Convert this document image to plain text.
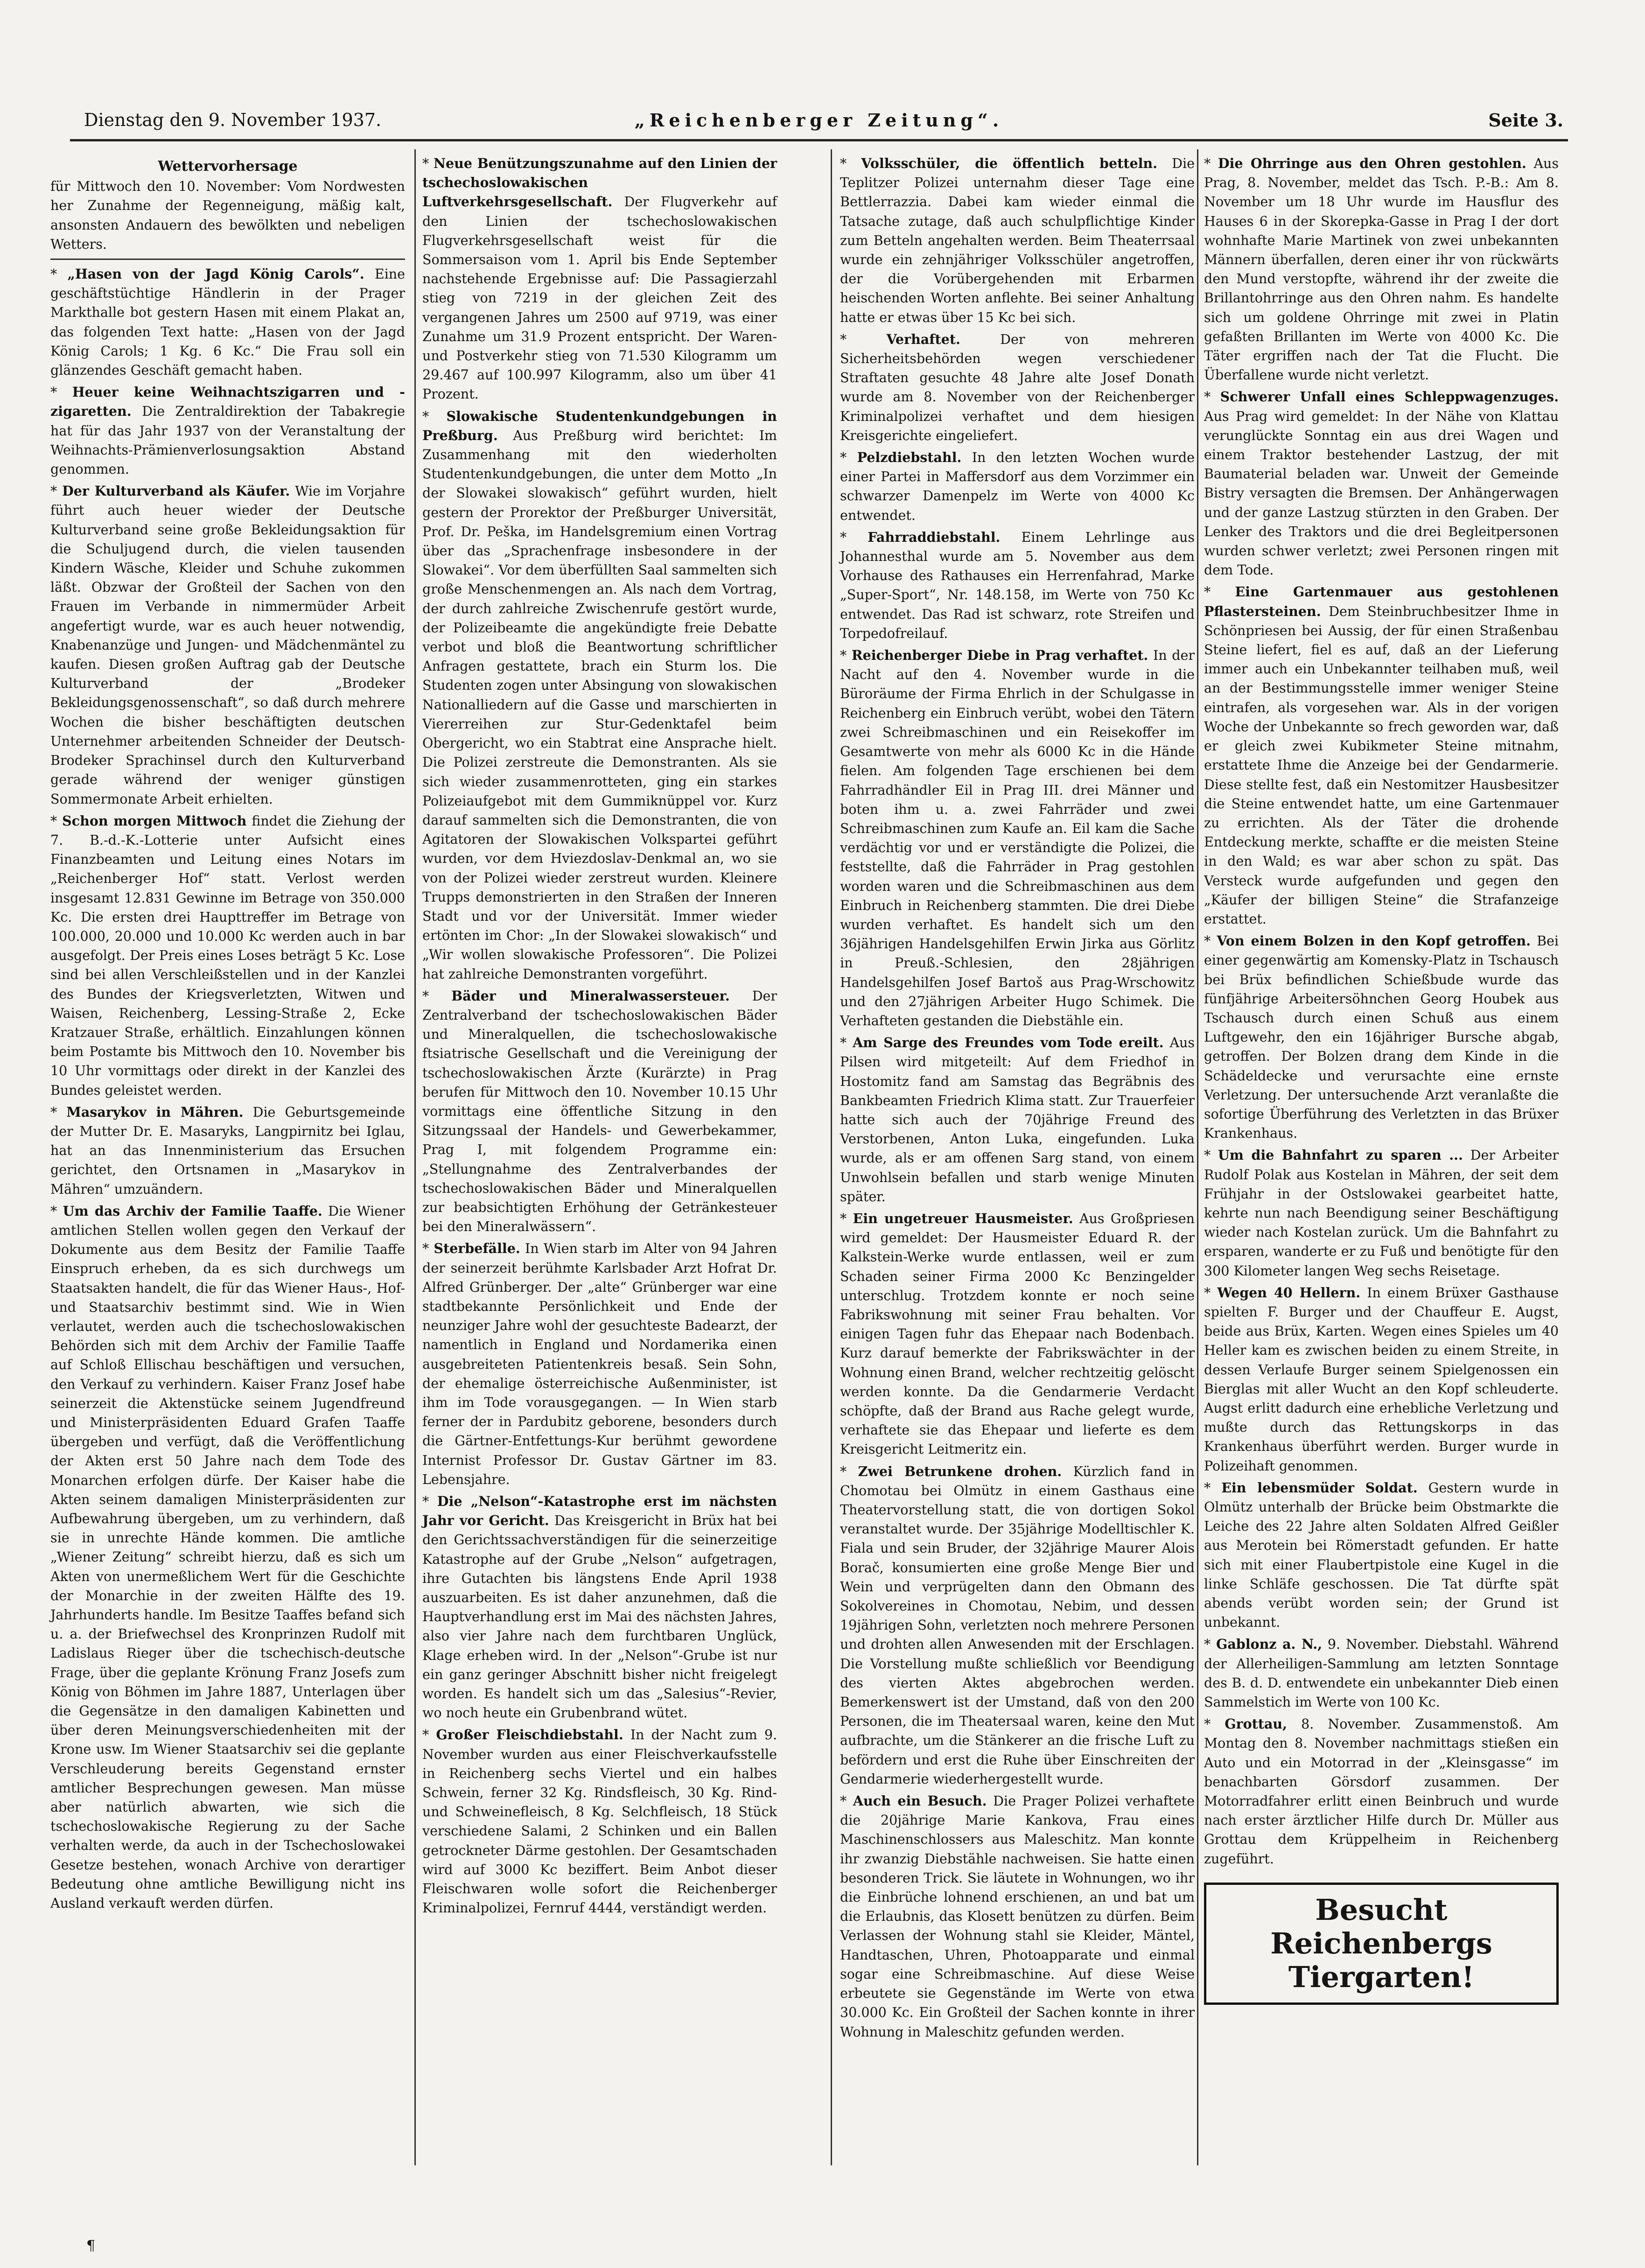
Dienstag den 9. November 1937.	„Reichenberger Zeitung“.	Seite 3.
Wettervorhersage

für Mittwoch den 10. November: Vom Nordwesten her Zunahme der Regenneigung, mäßig kalt, ansonsten Andauern des bewölkten und nebeligen Wetters.

* „Hasen von der Jagd König Carols“. Eine geschäftstüchtige Händlerin in der Prager Markthalle bot gestern Hasen mit einem Plakat an, das folgenden Text hatte: „Hasen von der Jagd König Carols; 1 Kg. 6 Kc.“ Die Frau soll ein glänzendes Geschäft gemacht haben.

* Heuer keine Weihnachtszigarren und -zigaretten. Die Zentraldirektion der Tabakregie hat für das Jahr 1937 von der Veranstaltung der Weihnachts-Prämienverlosungsaktion Abstand genommen.

* Der Kulturverband als Käufer. Wie im Vorjahre führt auch heuer wieder der Deutsche Kulturverband seine große Bekleidungsaktion für die Schuljugend durch, die vielen tausenden Kindern Wäsche, Kleider und Schuhe zukommen läßt. Obzwar der Großteil der Sachen von den Frauen im Verbande in nimmermüder Arbeit angefertigt wurde, war es auch heuer notwendig, Knabenanzüge und Jungen- und Mädchenmäntel zu kaufen. Diesen großen Auftrag gab der Deutsche Kulturverband der „Brodeker Bekleidungsgenossenschaft“, so daß durch mehrere Wochen die bisher beschäftigten deutschen Unternehmer arbeitenden Schneider der Deutsch-Brodeker Sprachinsel durch den Kulturverband gerade während der weniger günstigen Sommermonate Arbeit erhielten.

* Schon morgen Mittwoch findet die Ziehung der 7. B.-d.-K.-Lotterie unter Aufsicht eines Finanzbeamten und Leitung eines Notars im „Reichenberger Hof“ statt. Verlost werden insgesamt 12.831 Gewinne im Betrage von 350.000 Kc. Die ersten drei Haupttreffer im Betrage von 100.000, 20.000 und 10.000 Kc werden auch in bar ausgefolgt. Der Preis eines Loses beträgt 5 Kc. Lose sind bei allen Verschleißstellen und in der Kanzlei des Bundes der Kriegsverletzten, Witwen und Waisen, Reichenberg, Lessing-Straße 2, Ecke Kratzauer Straße, erhältlich. Einzahlungen können beim Postamte bis Mittwoch den 10. November bis 10 Uhr vormittags oder direkt in der Kanzlei des Bundes geleistet werden.

* Masarykov in Mähren. Die Geburtsgemeinde der Mutter Dr. E. Masaryks, Langpirnitz bei Iglau, hat an das Innenministerium das Ersuchen gerichtet, den Ortsnamen in „Masarykov in Mähren“ umzuändern.

* Um das Archiv der Familie Taaffe. Die Wiener amtlichen Stellen wollen gegen den Verkauf der Dokumente aus dem Besitz der Familie Taaffe Einspruch erheben, da es sich durchwegs um Staatsakten handelt, die für das Wiener Haus-, Hof- und Staatsarchiv bestimmt sind. Wie in Wien verlautet, werden auch die tschechoslowakischen Behörden sich mit dem Archiv der Familie Taaffe auf Schloß Ellischau beschäftigen und versuchen, den Verkauf zu verhindern. Kaiser Franz Josef habe seinerzeit die Aktenstücke seinem Jugendfreund und Ministerpräsidenten Eduard Grafen Taaffe übergeben und verfügt, daß die Veröffentlichung der Akten erst 50 Jahre nach dem Tode des Monarchen erfolgen dürfe. Der Kaiser habe die Akten seinem damaligen Ministerpräsidenten zur Aufbewahrung übergeben, um zu verhindern, daß sie in unrechte Hände kommen. Die amtliche „Wiener Zeitung“ schreibt hierzu, daß es sich um Akten von unermeßlichem Wert für die Geschichte der Monarchie in der zweiten Hälfte des 19. Jahrhunderts handle. Im Besitze Taaffes befand sich u. a. der Briefwechsel des Kronprinzen Rudolf mit Ladislaus Rieger über die tschechisch-deutsche Frage, über die geplante Krönung Franz Josefs zum König von Böhmen im Jahre 1887, Unterlagen über die Gegensätze in den damaligen Kabinetten und über deren Meinungsverschiedenheiten mit der Krone usw. Im Wiener Staatsarchiv sei die geplante Verschleuderung bereits Gegenstand ernster amtlicher Besprechungen gewesen. Man müsse aber natürlich abwarten, wie sich die tschechoslowakische Regierung zu der Sache verhalten werde, da auch in der Tschechoslowakei Gesetze bestehen, wonach Archive von derartiger Bedeutung ohne amtliche Bewilligung nicht ins Ausland verkauft werden dürfen.

* Neue Benützungszunahme auf den Linien der tschechoslowakischen Luftverkehrsgesellschaft. Der Flugverkehr auf den Linien der tschechoslowakischen Flugverkehrsgesellschaft weist für die Sommersaison vom 1. April bis Ende September nachstehende Ergebnisse auf: Die Passagierzahl stieg von 7219 in der gleichen Zeit des vergangenen Jahres um 2500 auf 9719, was einer Zunahme um 31.9 Prozent entspricht. Der Waren- und Postverkehr stieg von 71.530 Kilogramm um 29.467 auf 100.997 Kilogramm, also um über 41 Prozent.

* Slowakische Studentenkundgebungen in Preßburg. Aus Preßburg wird berichtet: Im Zusammenhang mit den wiederholten Studentenkundgebungen, die unter dem Motto „In der Slowakei slowakisch“ geführt wurden, hielt gestern der Prorektor der Preßburger Universität, Prof. Dr. Peška, im Handelsgremium einen Vortrag über das „Sprachenfrage insbesondere in der Slowakei“. Vor dem überfüllten Saal sammelten sich große Menschenmengen an. Als nach dem Vortrag, der durch zahlreiche Zwischenrufe gestört wurde, der Polizeibeamte die angekündigte freie Debatte verbot und bloß die Beantwortung schriftlicher Anfragen gestattete, brach ein Sturm los. Die Studenten zogen unter Absingung von slowakischen Nationalliedern auf die Gasse und marschierten in Viererreihen zur Stur-Gedenktafel beim Obergericht, wo ein Stabtrat eine Ansprache hielt. Die Polizei zerstreute die Demonstranten. Als sie sich wieder zusammenrotteten, ging ein starkes Polizeiaufgebot mit dem Gummiknüppel vor. Kurz darauf sammelten sich die Demonstranten, die von Agitatoren der Slowakischen Volkspartei geführt wurden, vor dem Hviezdoslav-Denkmal an, wo sie von der Polizei wieder zerstreut wurden. Kleinere Trupps demonstrierten in den Straßen der Inneren Stadt und vor der Universität. Immer wieder ertönten im Chor: „In der Slowakei slowakisch“ und „Wir wollen slowakische Professoren“. Die Polizei hat zahlreiche Demonstranten vorgeführt.

* Bäder und Mineralwassersteuer. Der Zentralverband der tschechoslowakischen Bäder und Mineralquellen, die tschechoslowakische ftsiatrische Gesellschaft und die Vereinigung der tschechoslowakischen Ärzte (Kurärzte) in Prag berufen für Mittwoch den 10. November 10.15 Uhr vormittags eine öffentliche Sitzung in den Sitzungssaal der Handels- und Gewerbekammer, Prag I, mit folgendem Programme ein: „Stellungnahme des Zentralverbandes der tschechoslowakischen Bäder und Mineralquellen zur beabsichtigten Erhöhung der Getränkesteuer bei den Mineralwässern“.

* Sterbefälle. In Wien starb im Alter von 94 Jahren der seinerzeit berühmte Karlsbader Arzt Hofrat Dr. Alfred Grünberger. Der „alte“ Grünberger war eine stadtbekannte Persönlichkeit und Ende der neunziger Jahre wohl der gesuchteste Badearzt, der namentlich in England und Nordamerika einen ausgebreiteten Patientenkreis besaß. Sein Sohn, der ehemalige österreichische Außenminister, ist ihm im Tode vorausgegangen. — In Wien starb ferner der in Pardubitz geborene, besonders durch die Gärtner-Entfettungs-Kur berühmt gewordene Internist Professor Dr. Gustav Gärtner im 83. Lebensjahre.

* Die „Nelson“-Katastrophe erst im nächsten Jahr vor Gericht. Das Kreisgericht in Brüx hat bei den Gerichtssachverständigen für die seinerzeitige Katastrophe auf der Grube „Nelson“ aufgetragen, ihre Gutachten bis längstens Ende April 1938 auszuarbeiten. Es ist daher anzunehmen, daß die Hauptverhandlung erst im Mai des nächsten Jahres, also vier Jahre nach dem furchtbaren Unglück, Klage erheben wird. In der „Nelson“-Grube ist nur ein ganz geringer Abschnitt bisher nicht freigelegt worden. Es handelt sich um das „Salesius“-Revier, wo noch heute ein Grubenbrand wütet.

* Großer Fleischdiebstahl. In der Nacht zum 9. November wurden aus einer Fleischverkaufsstelle in Reichenberg sechs Viertel und ein halbes Schwein, ferner 32 Kg. Rindsfleisch, 30 Kg. Rind- und Schweinefleisch, 8 Kg. Selchfleisch, 18 Stück verschiedene Salami, 2 Schinken und ein Ballen getrockneter Därme gestohlen. Der Gesamtschaden wird auf 3000 Kc beziffert. Beim Anbot dieser Fleischwaren wolle sofort die Reichenberger Kriminalpolizei, Fernruf 4444, verständigt werden.

* Volksschüler, die öffentlich betteln. Die Teplitzer Polizei unternahm dieser Tage eine Bettlerrazzia. Dabei kam wieder einmal die Tatsache zutage, daß auch schulpflichtige Kinder zum Betteln angehalten werden. Beim Theaterrsaal wurde ein zehnjähriger Volksschüler angetroffen, der die Vorübergehenden mit Erbarmen heischenden Worten anflehte. Bei seiner Anhaltung hatte er etwas über 15 Kc bei sich.

* Verhaftet.	Der von mehreren Sicherheitsbehörden wegen verschiedener Straftaten gesuchte 48 Jahre alte Josef Donath wurde am 8. November von der Reichenberger Kriminalpolizei verhaftet und dem hiesigen Kreisgerichte eingeliefert.

* Pelzdiebstahl. In den letzten Wochen wurde einer Partei in Maffersdorf aus dem Vorzimmer ein schwarzer Damenpelz im Werte von 4000 Kc entwendet.

* Fahrraddiebstahl. Einem Lehrlinge aus Johannesthal wurde am 5. November aus dem Vorhause des Rathauses ein Herrenfahrad, Marke „Super-Sport“, Nr. 148.158, im Werte von 750 Kc entwendet. Das Rad ist schwarz, rote Streifen und Torpedofreilauf.

* Reichenberger Diebe in Prag verhaftet. In der Nacht auf den 4. November wurde in die Büroräume der Firma Ehrlich in der Schulgasse in Reichenberg ein Einbruch verübt, wobei den Tätern zwei Schreibmaschinen und ein Reisekoffer im Gesamtwerte von mehr als 6000 Kc in die Hände fielen. Am folgenden Tage erschienen bei dem Fahrradhändler Eil in Prag III. drei Männer und boten ihm u. a. zwei Fahrräder und zwei Schreibmaschinen zum Kaufe an. Eil kam die Sache verdächtig vor und er verständigte die Polizei, die feststellte, daß die Fahrräder in Prag gestohlen worden waren und die Schreibmaschinen aus dem Einbruch in Reichenberg stammten. Die drei Diebe wurden verhaftet. Es handelt sich um den 36jährigen Handelsgehilfen Erwin Jirka aus Görlitz in Preuß.-Schlesien, den 28jährigen Handelsgehilfen Josef Bartoš aus Prag-Wrschowitz und den 27jährigen Arbeiter Hugo Schimek. Die Verhafteten gestanden die Diebstähle ein.

* Am Sarge des Freundes vom Tode ereilt. Aus Pilsen wird mitgeteilt: Auf dem Friedhof in Hostomitz fand am Samstag das Begräbnis des Bankbeamten Friedrich Klima statt. Zur Trauerfeier hatte sich auch der 70jährige Freund des Verstorbenen, Anton Luka, eingefunden. Luka wurde, als er am offenen Sarg stand, von einem Unwohlsein befallen und starb wenige Minuten später.

* Ein ungetreuer Hausmeister. Aus Großpriesen wird gemeldet: Der Hausmeister Eduard R. der Kalkstein-Werke wurde entlassen, weil er zum Schaden seiner Firma 2000 Kc Benzingelder unterschlug. Trotzdem konnte er noch seine Fabrikswohnung mit seiner Frau behalten. Vor einigen Tagen fuhr das Ehepaar nach Bodenbach. Kurz darauf bemerkte der Fabrikswächter in der Wohnung einen Brand, welcher rechtzeitig gelöscht werden konnte. Da die Gendarmerie Verdacht schöpfte, daß der Brand aus Rache gelegt wurde, verhaftete sie das Ehepaar und lieferte es dem Kreisgericht Leitmeritz ein.

* Zwei Betrunkene drohen. Kürzlich fand in Chomotau bei Olmütz in einem Gasthaus eine Theatervorstellung statt, die von dortigen Sokol veranstaltet wurde. Der 35jährige Modelltischler K. Fiala und sein Bruder, der 32jährige Maurer Alois Borač, konsumierten eine große Menge Bier und Wein und verprügelten dann den Obmann des Sokolvereines in Chomotau, Nebim, und dessen 19jährigen Sohn, verletzten noch mehrere Personen und drohten allen Anwesenden mit der Erschlagen. Die Vorstellung mußte schließlich vor Beendigung des vierten Aktes abgebrochen werden. Bemerkenswert ist der Umstand, daß von den 200 Personen, die im Theatersaal waren, keine den Mut aufbrachte, um die Stänkerer an die frische Luft zu befördern und erst die Ruhe über Einschreiten der Gendarmerie wiederhergestellt wurde.

* Auch ein Besuch. Die Prager Polizei verhaftete die 20jährige Marie Kankova, Frau eines Maschinenschlossers aus Maleschitz. Man konnte ihr zwanzig Diebstähle nachweisen. Sie hatte einen besonderen Trick. Sie läutete in Wohnungen, wo ihr die Einbrüche lohnend erschienen, an und bat um die Erlaubnis, das Klosett benützen zu dürfen. Beim Verlassen der Wohnung stahl sie Kleider, Mäntel, Handtaschen, Uhren, Photoapparate und einmal sogar eine Schreibmaschine. Auf diese Weise erbeutete sie Gegenstände im Werte von etwa 30.000 Kc. Ein Großteil der Sachen konnte in ihrer Wohnung in Maleschitz gefunden werden.

* Die Ohrringe aus den Ohren gestohlen. Aus Prag, 8. November, meldet das Tsch. P.-B.: Am 8. November um 18 Uhr wurde im Hausflur des Hauses 6 in der Skorepka-Gasse in Prag I der dort wohnhafte Marie Martinek von zwei unbekannten Männern überfallen, deren einer ihr von rückwärts den Mund verstopfte, während ihr der zweite die Brillantohrringe aus den Ohren nahm. Es handelte sich um goldene Ohrringe mit zwei in Platin gefaßten Brillanten im Werte von 4000 Kc. Die Täter ergriffen nach der Tat die Flucht. Die Überfallene wurde nicht verletzt.

* Schwerer Unfall eines Schleppwagenzuges. Aus Prag wird gemeldet: In der Nähe von Klattau verunglückte Sonntag ein aus drei Wagen und einem Traktor bestehender Lastzug, der mit Baumaterial beladen war. Unweit der Gemeinde Bistry versagten die Bremsen. Der Anhängerwagen und der ganze Lastzug stürzten in den Graben. Der Lenker des Traktors und die drei Begleitpersonen wurden schwer verletzt; zwei Personen ringen mit dem Tode.

* Eine Gartenmauer aus gestohlenen Pflastersteinen. Dem Steinbruchbesitzer Ihme in Schönpriesen bei Aussig, der für einen Straßenbau Steine liefert, fiel es auf, daß an der Lieferung immer auch ein Unbekannter teilhaben muß, weil an der Bestimmungsstelle immer weniger Steine eintrafen, als vorgesehen war. Als in der vorigen Woche der Unbekannte so frech geworden war, daß er gleich zwei Kubikmeter Steine mitnahm, erstattete Ihme die Anzeige bei der Gendarmerie. Diese stellte fest, daß ein Nestomitzer Hausbesitzer die Steine entwendet hatte, um eine Gartenmauer zu errichten. Als der Täter die drohende Entdeckung merkte, schaffte er die meisten Steine in den Wald; es war aber schon zu spät. Das Versteck wurde aufgefunden und gegen den „Käufer der billigen Steine“ die Strafanzeige erstattet.

* Von einem Bolzen in den Kopf getroffen. Bei einer gegenwärtig am Komensky-Platz in Tschausch bei Brüx befindlichen Schießbude wurde das fünfjährige Arbeitersöhnchen Georg Houbek aus Tschausch durch einen Schuß aus einem Luftgewehr, den ein 16jähriger Bursche abgab, getroffen. Der Bolzen drang dem Kinde in die Schädeldecke und verursachte eine ernste Verletzung. Der untersuchende Arzt veranlaßte die sofortige Überführung des Verletzten in das Brüxer Krankenhaus.

* Um die Bahnfahrt zu sparen ... Der Arbeiter Rudolf Polak aus Kostelan in Mähren, der seit dem Frühjahr in der Ostslowakei gearbeitet hatte, kehrte nun nach Beendigung seiner Beschäftigung wieder nach Kostelan zurück. Um die Bahnfahrt zu ersparen, wanderte er zu Fuß und benötigte für den 300 Kilometer langen Weg sechs Reisetage.

* Wegen 40 Hellern. In einem Brüxer Gasthause spielten F. Burger und der Chauffeur E. Augst, beide aus Brüx, Karten. Wegen eines Spieles um 40 Heller kam es zwischen beiden zu einem Streite, in dessen Verlaufe Burger seinem Spielgenossen ein Bierglas mit aller Wucht an den Kopf schleuderte. Augst erlitt dadurch eine erhebliche Verletzung und mußte durch das Rettungskorps in das Krankenhaus überführt werden. Burger wurde in Polizeihaft genommen.

* Ein lebensmüder Soldat. Gestern wurde in Olmütz unterhalb der Brücke beim Obstmarkte die Leiche des 22 Jahre alten Soldaten Alfred Geißler aus Merotein bei Römerstadt gefunden. Er hatte sich mit einer Flaubertpistole eine Kugel in die linke Schläfe geschossen. Die Tat dürfte spät abends verübt worden sein; der Grund ist unbekannt.

* Gablonz a. N., 9. November. Diebstahl. Während der Allerheiligen-Sammlung am letzten Sonntage des B. d. D. entwendete ein unbekannter Dieb einen Sammelstich im Werte von 100 Kc.

* Grottau, 8. November. Zusammenstoß. Am Montag den 8. November nachmittags stießen ein Auto und ein Motorrad in der „Kleinsgasse“ im benachbarten Görsdorf zusammen. Der Motorradfahrer erlitt einen Beinbruch und wurde nach erster ärztlicher Hilfe durch Dr. Müller aus Grottau dem Krüppelheim in Reichenberg zugeführt.

Besucht Reichenbergs Tiergarten!
¶
